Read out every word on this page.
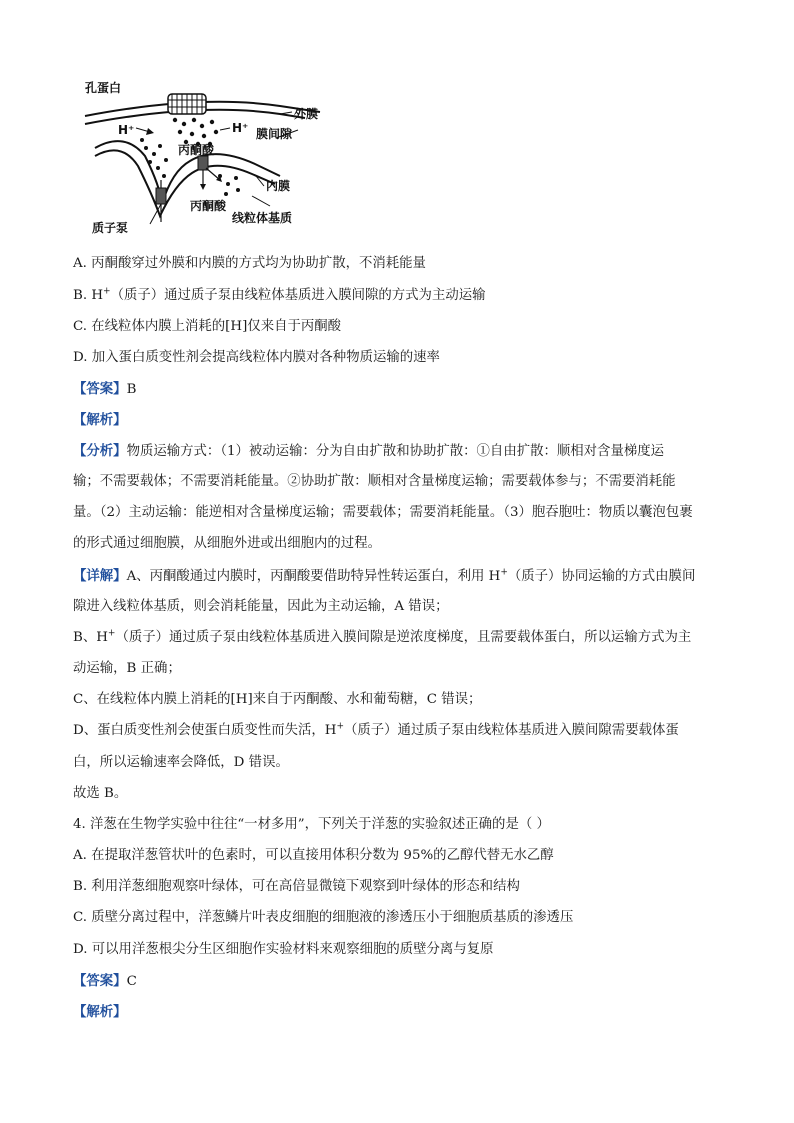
孔蛋白
外膜
膜间隙
H⁺	H⁺
丙酮酸
内膜
丙酮酸
线粒体基质
质子泵
A. 丙酮酸穿过外膜和内膜的方式均为协助扩散，不消耗能量
B. H+（质子）通过质子泵由线粒体基质进入膜间隙的方式为主动运输
C. 在线粒体内膜上消耗的[H]仅来自于丙酮酸
D. 加入蛋白质变性剂会提高线粒体内膜对各种物质运输的速率
【答案】B
【解析】
【分析】物质运输方式：（1）被动运输：分为自由扩散和协助扩散：①自由扩散：顺相对含量梯度运
输；不需要载体；不需要消耗能量。②协助扩散：顺相对含量梯度运输；需要载体参与；不需要消耗能
量。（2）主动运输：能逆相对含量梯度运输；需要载体；需要消耗能量。（3）胞吞胞吐：物质以囊泡包裹
的形式通过细胞膜，从细胞外进或出细胞内的过程。
【详解】A、丙酮酸通过内膜时，丙酮酸要借助特异性转运蛋白，利用 H+（质子）协同运输的方式由膜间
隙进入线粒体基质，则会消耗能量，因此为主动运输，A 错误；
B、H+（质子）通过质子泵由线粒体基质进入膜间隙是逆浓度梯度，且需要载体蛋白，所以运输方式为主
动运输，B 正确；
C、在线粒体内膜上消耗的[H]来自于丙酮酸、水和葡萄糖，C 错误；
D、蛋白质变性剂会使蛋白质变性而失活，H+（质子）通过质子泵由线粒体基质进入膜间隙需要载体蛋
白，所以运输速率会降低，D 错误。
故选 B。
4. 洋葱在生物学实验中往往“一材多用”，下列关于洋葱的实验叙述正确的是（ ）
A. 在提取洋葱管状叶的色素时，可以直接用体积分数为 95%的乙醇代替无水乙醇
B. 利用洋葱细胞观察叶绿体，可在高倍显微镜下观察到叶绿体的形态和结构
C. 质壁分离过程中，洋葱鳞片叶表皮细胞的细胞液的渗透压小于细胞质基质的渗透压
D. 可以用洋葱根尖分生区细胞作实验材料来观察细胞的质壁分离与复原
【答案】C
【解析】
